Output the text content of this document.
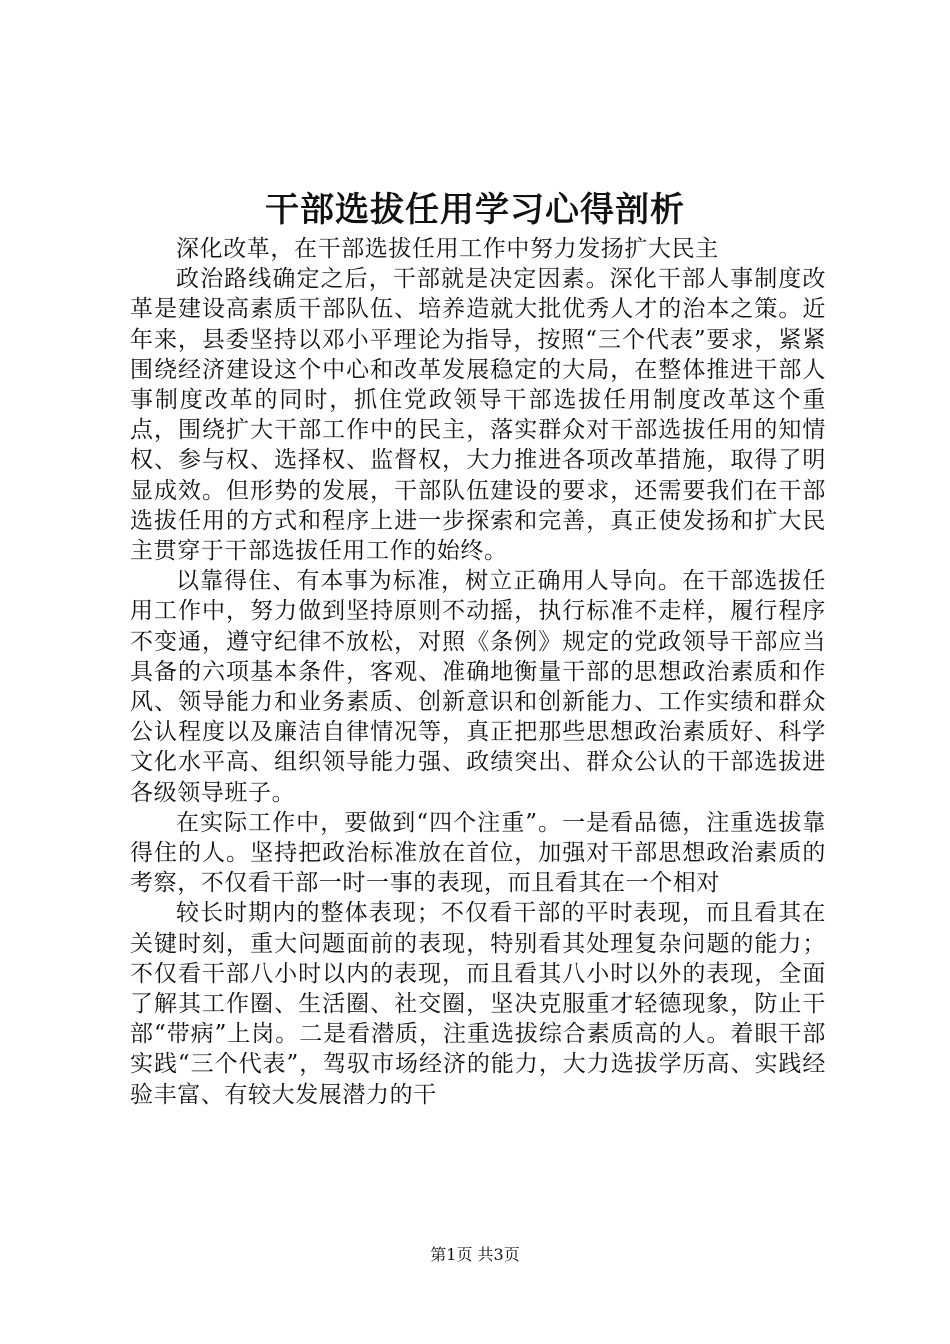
干部选拔任用学习心得剖析

深化改革，在干部选拔任用工作中努力发扬扩大民主

政治路线确定之后，干部就是决定因素。深化干部人事制度改革是建设高素质干部队伍、培养造就大批优秀人才的治本之策。近年来，县委坚持以邓小平理论为指导，按照“三个代表”要求，紧紧围绕经济建设这个中心和改革发展稳定的大局，在整体推进干部人事制度改革的同时，抓住党政领导干部选拔任用制度改革这个重点，围绕扩大干部工作中的民主，落实群众对干部选拔任用的知情权、参与权、选择权、监督权，大力推进各项改革措施，取得了明显成效。但形势的发展，干部队伍建设的要求，还需要我们在干部选拔任用的方式和程序上进一步探索和完善，真正使发扬和扩大民主贯穿于干部选拔任用工作的始终。

以靠得住、有本事为标准，树立正确用人导向。在干部选拔任用工作中，努力做到坚持原则不动摇，执行标准不走样，履行程序不变通，遵守纪律不放松，对照《条例》规定的党政领导干部应当具备的六项基本条件，客观、准确地衡量干部的思想政治素质和作风、领导能力和业务素质、创新意识和创新能力、工作实绩和群众公认程度以及廉洁自律情况等，真正把那些思想政治素质好、科学文化水平高、组织领导能力强、政绩突出、群众公认的干部选拔进各级领导班子。

在实际工作中，要做到“四个注重”。一是看品德，注重选拔靠得住的人。坚持把政治标准放在首位，加强对干部思想政治素质的考察，不仅看干部一时一事的表现，而且看其在一个相对

较长时期内的整体表现；不仅看干部的平时表现，而且看其在关键时刻，重大问题面前的表现，特别看其处理复杂问题的能力；不仅看干部八小时以内的表现，而且看其八小时以外的表现，全面了解其工作圈、生活圈、社交圈，坚决克服重才轻德现象，防止干部“带病”上岗。二是看潜质，注重选拔综合素质高的人。着眼干部实践“三个代表”，驾驭市场经济的能力，大力选拔学历高、实践经验丰富、有较大发展潜力的干

第1页 共3页
